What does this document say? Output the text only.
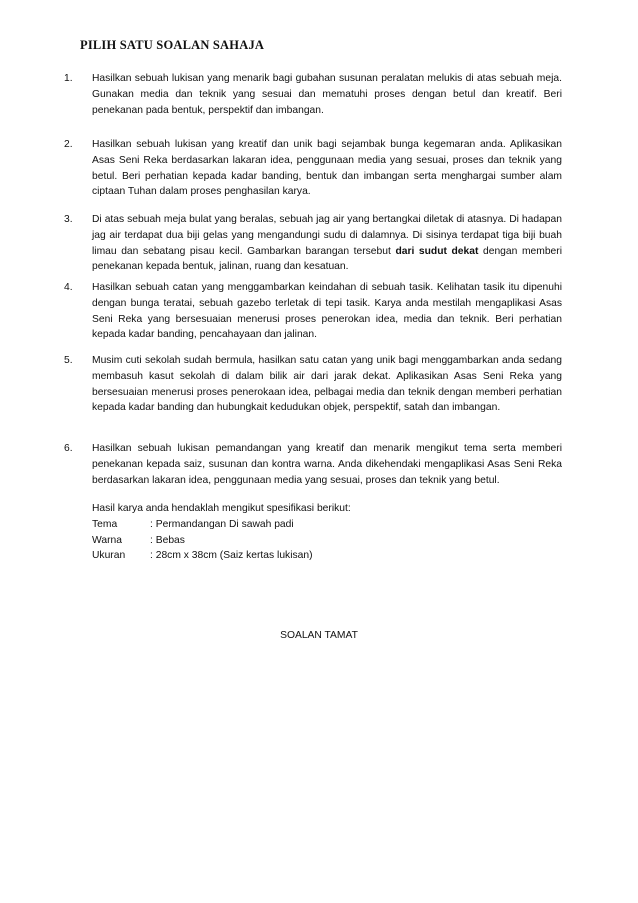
PILIH SATU SOALAN SAHAJA
1. Hasilkan sebuah lukisan yang menarik bagi gubahan susunan peralatan melukis di atas sebuah meja. Gunakan media dan teknik yang sesuai dan mematuhi proses dengan betul dan kreatif. Beri penekanan pada bentuk, perspektif dan imbangan.
2. Hasilkan sebuah lukisan yang kreatif dan unik bagi sejambak bunga kegemaran anda. Aplikasikan Asas Seni Reka berdasarkan lakaran idea, penggunaan media yang sesuai, proses dan teknik yang betul. Beri perhatian kepada kadar banding, bentuk dan imbangan serta menghargai sumber alam ciptaan Tuhan dalam proses penghasilan karya.
3. Di atas sebuah meja bulat yang beralas, sebuah jag air yang bertangkai diletak di atasnya. Di hadapan jag air terdapat dua biji gelas yang mengandungi sudu di dalamnya. Di sisinya terdapat tiga biji buah limau dan sebatang pisau kecil. Gambarkan barangan tersebut dari sudut dekat dengan memberi penekanan kepada bentuk, jalinan, ruang dan kesatuan.
4. Hasilkan sebuah catan yang menggambarkan keindahan di sebuah tasik. Kelihatan tasik itu dipenuhi dengan bunga teratai, sebuah gazebo terletak di tepi tasik. Karya anda mestilah mengaplikasi Asas Seni Reka yang bersesuaian menerusi proses penerokan idea, media dan teknik. Beri perhatian kepada kadar banding, pencahayaan dan jalinan.
5. Musim cuti sekolah sudah bermula, hasilkan satu catan yang unik bagi menggambarkan anda sedang membasuh kasut sekolah di dalam bilik air dari jarak dekat. Aplikasikan Asas Seni Reka yang bersesuaian menerusi proses penerokaan idea, pelbagai media dan teknik dengan memberi perhatian kepada kadar banding dan hubungkait kedudukan objek, perspektif, satah dan imbangan.
6. Hasilkan sebuah lukisan pemandangan yang kreatif dan menarik mengikut tema serta memberi penekanan kepada saiz, susunan dan kontra warna. Anda dikehendaki mengaplikasi Asas Seni Reka berdasarkan lakaran idea, penggunaan media yang sesuai, proses dan teknik yang betul.
Hasil karya anda hendaklah mengikut spesifikasi berikut:
Tema	: Permandangan Di sawah padi
Warna	: Bebas
Ukuran	: 28cm x 38cm (Saiz kertas lukisan)
SOALAN TAMAT
